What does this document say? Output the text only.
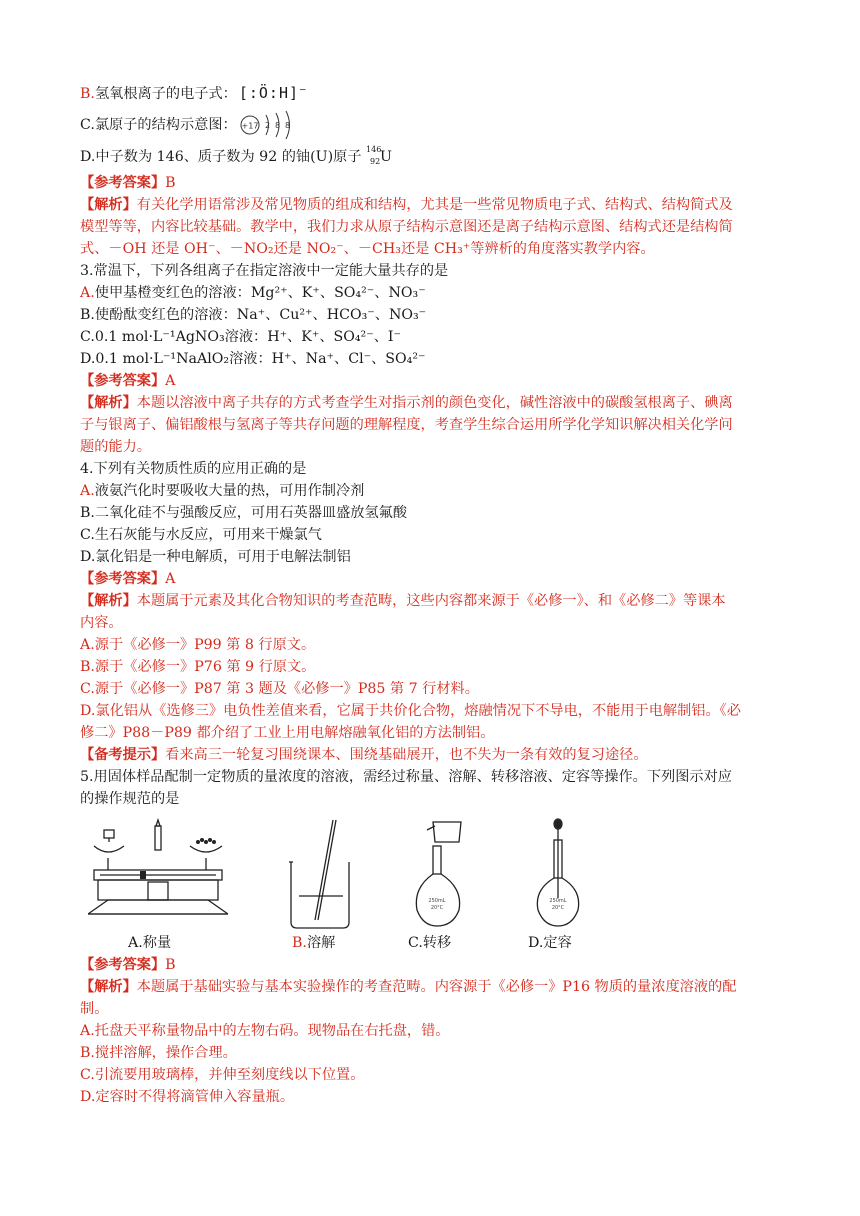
B.氢氧根离子的电子式： [:Ö:H]−
C.氯原子的结构示意图： +17 2 8 8
D.中子数为 146、质子数为 92 的铀(U)原子 146
92 U
【参考答案】B
【解析】有关化学用语常涉及常见物质的组成和结构，尤其是一些常见物质电子式、结构式、结构简式及
模型等等，内容比较基础。教学中，我们力求从原子结构示意图还是离子结构示意图、结构式还是结构简
式、－OH 还是 OH⁻、－NO₂还是 NO₂⁻、－CH₃还是 CH₃⁺等辨析的角度落实教学内容。
3.常温下，下列各组离子在指定溶液中一定能大量共存的是
A.使甲基橙变红色的溶液：Mg²⁺、K⁺、SO₄²⁻、NO₃⁻
B.使酚酞变红色的溶液：Na⁺、Cu²⁺、HCO₃⁻、NO₃⁻
C.0.1 mol·L⁻¹AgNO₃溶液：H⁺、K⁺、SO₄²⁻、I⁻
D.0.1 mol·L⁻¹NaAlO₂溶液：H⁺、Na⁺、Cl⁻、SO₄²⁻
【参考答案】A
【解析】本题以溶液中离子共存的方式考查学生对指示剂的颜色变化，碱性溶液中的碳酸氢根离子、碘离
子与银离子、偏铝酸根与氢离子等共存问题的理解程度，考查学生综合运用所学化学知识解决相关化学问
题的能力。
4.下列有关物质性质的应用正确的是
A.液氨汽化时要吸收大量的热，可用作制冷剂
B.二氧化硅不与强酸反应，可用石英器皿盛放氢氟酸
C.生石灰能与水反应，可用来干燥氯气
D.氯化铝是一种电解质，可用于电解法制铝
【参考答案】A
【解析】本题属于元素及其化合物知识的考查范畴，这些内容都来源于《必修一》、和《必修二》等课本
内容。
A.源于《必修一》P99 第 8 行原文。
B.源于《必修一》P76 第 9 行原文。
C.源于《必修一》P87 第 3 题及《必修一》P85 第 7 行材料。
D.氯化铝从《选修三》电负性差值来看，它属于共价化合物，熔融情况下不导电，不能用于电解制铝。《必
修二》P88－P89 都介绍了工业上用电解熔融氧化铝的方法制铝。
【备考提示】看来高三一轮复习围绕课本、围绕基础展开，也不失为一条有效的复习途径。
5.用固体样品配制一定物质的量浓度的溶液，需经过称量、溶解、转移溶液、定容等操作。下列图示对应
的操作规范的是
250mL
20°C
250mL
20°C
A.称量	B.溶解	C.转移	D.定容
【参考答案】B
【解析】本题属于基础实验与基本实验操作的考查范畴。内容源于《必修一》P16 物质的量浓度溶液的配
制。
A.托盘天平称量物品中的左物右码。现物品在右托盘，错。
B.搅拌溶解，操作合理。
C.引流要用玻璃棒，并伸至刻度线以下位置。
D.定容时不得将滴管伸入容量瓶。
